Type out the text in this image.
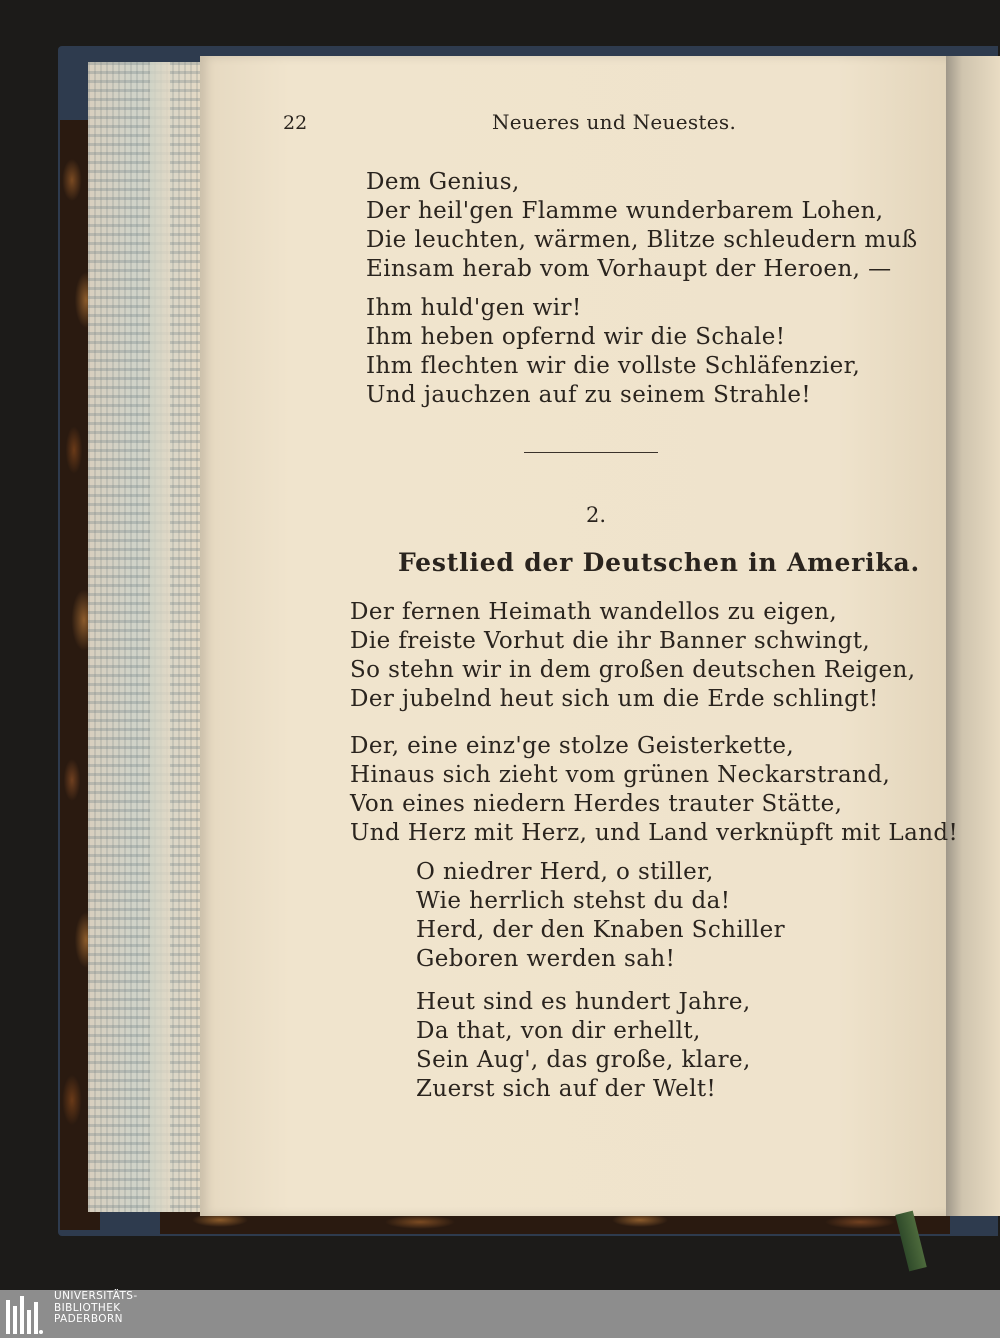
22	Neueres und Neuestes.
Dem Genius,
Der heil'gen Flamme wunderbarem Lohen,
Die leuchten, wärmen, Blitze schleudern muß
Einsam herab vom Vorhaupt der Heroen, —
Ihm huld'gen wir!
Ihm heben opfernd wir die Schale!
Ihm flechten wir die vollste Schläfenzier,
Und jauchzen auf zu seinem Strahle!
2.
Festlied der Deutschen in Amerika.
Der fernen Heimath wandellos zu eigen,
Die freiste Vorhut die ihr Banner schwingt,
So stehn wir in dem großen deutschen Reigen,
Der jubelnd heut sich um die Erde schlingt!
Der, eine einz'ge stolze Geisterkette,
Hinaus sich zieht vom grünen Neckarstrand,
Von eines niedern Herdes trauter Stätte,
Und Herz mit Herz, und Land verknüpft mit Land!
O niedrer Herd, o stiller,
Wie herrlich stehst du da!
Herd, der den Knaben Schiller
Geboren werden sah!
Heut sind es hundert Jahre,
Da that, von dir erhellt,
Sein Aug', das große, klare,
Zuerst sich auf der Welt!
UNIVERSITÄTS-
BIBLIOTHEK
PADERBORN
